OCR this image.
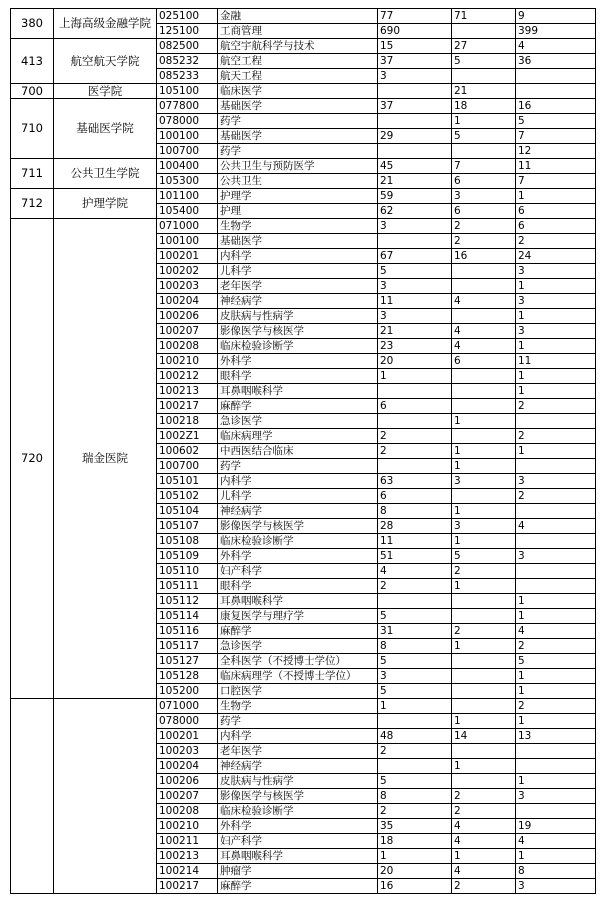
380	上海高级金融学院	025100	金融	77	71	9
		125100	工商管理	690		399
413	航空航天学院	082500	航空宇航科学与技术	15	27	4
		085232	航空工程	37	5	36
		085233	航天工程	3		
700	医学院	105100	临床医学		21	
710	基础医学院	077800	基础医学	37	18	16
		078000	药学		1	5
		100100	基础医学	29	5	7
		100700	药学			12
711	公共卫生学院	100400	公共卫生与预防医学	45	7	11
		105300	公共卫生	21	6	7
712	护理学院	101100	护理学	59	3	1
		105400	护理	62	6	6
720	瑞金医院	071000	生物学	3	2	6
		100100	基础医学		2	2
		100201	内科学	67	16	24
		100202	儿科学	5		3
		100203	老年医学	3		1
		100204	神经病学	11	4	3
		100206	皮肤病与性病学	3		1
		100207	影像医学与核医学	21	4	3
		100208	临床检验诊断学	23	4	1
		100210	外科学	20	6	11
		100212	眼科学	1		1
		100213	耳鼻咽喉科学			1
		100217	麻醉学	6		2
		100218	急诊医学		1	
		1002Z1	临床病理学	2		2
		100602	中西医结合临床	2	1	1
		100700	药学		1	
		105101	内科学	63	3	3
		105102	儿科学	6		2
		105104	神经病学	8	1	
		105107	影像医学与核医学	28	3	4
		105108	临床检验诊断学	11	1	
		105109	外科学	51	5	3
		105110	妇产科学	4	2	
		105111	眼科学	2	1	
		105112	耳鼻咽喉科学			1
		105114	康复医学与理疗学	5		1
		105116	麻醉学	31	2	4
		105117	急诊医学	8	1	2
		105127	全科医学（不授博士学位）	5		5
		105128	临床病理学（不授博士学位）	3		1
		105200	口腔医学	5		1
		071000	生物学	1		2
		078000	药学		1	1
		100201	内科学	48	14	13
		100203	老年医学	2		
		100204	神经病学		1	
		100206	皮肤病与性病学	5		1
		100207	影像医学与核医学	8	2	3
		100208	临床检验诊断学	2	2	
		100210	外科学	35	4	19
		100211	妇产科学	18	4	4
		100213	耳鼻咽喉科学	1	1	1
		100214	肿瘤学	20	4	8
		100217	麻醉学	16	2	3
